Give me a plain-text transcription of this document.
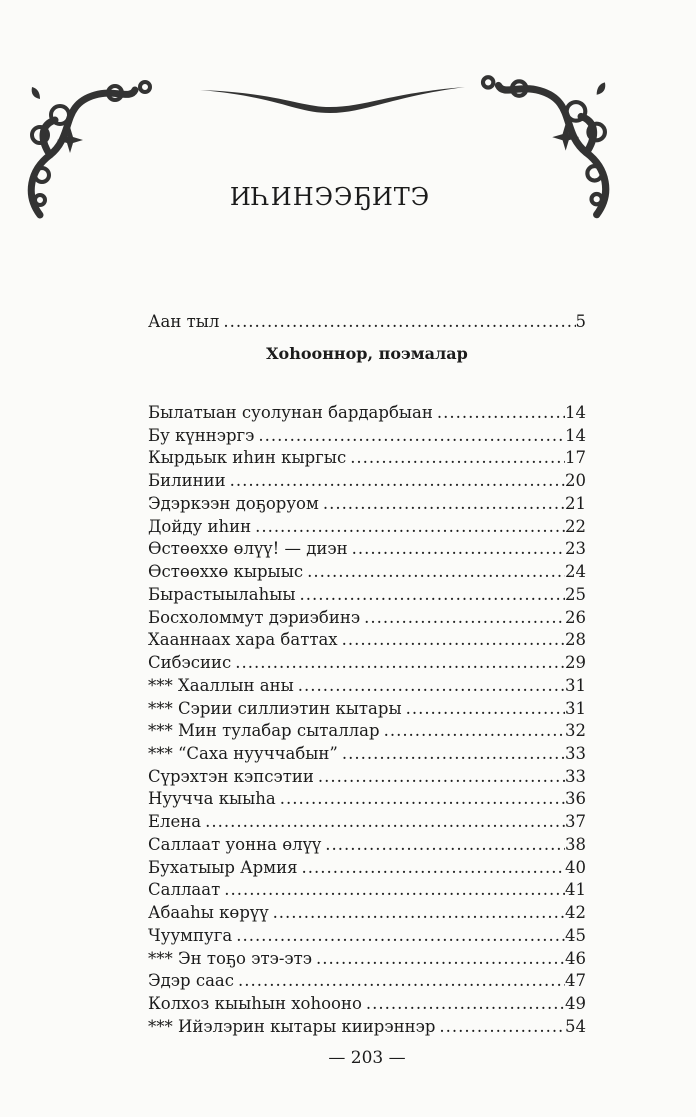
ИҺИНЭЭҔИТЭ
Аан тыл .....	5
Хоһооннор, поэмалар
Былатыан суолунан бардарбыан .....	14
Бу күннэргэ .....	14
Кырдьык иһин кыргыс .....	17
Билинии .....	20
Эдэркээн доҕоруом .....	21
Дойду иһин .....	22
Өстөөххө өлүү! — диэн .....	23
Өстөөххө кырыыс .....	24
Бырастыылаһыы .....	25
Босхоломмут дэриэбинэ .....	26
Хааннаах хара баттах .....	28
Сибэсиис .....	29
*** Хааллын аны .....	31
*** Сэрии силлиэтин кытары .....	31
*** Мин тулабар сыталлар .....	32
*** “Саха нууччабын” .....	33
Сүрэхтэн кэпсэтии .....	33
Нуучча кыыһа .....	36
Елена .....	37
Саллаат уонна өлүү .....	38
Бухатыыр Армия .....	40
Саллаат .....	41
Абааһы көрүү .....	42
Чуумпуга .....	45
*** Эн тоҕо этэ-этэ .....	46
Эдэр саас .....	47
Колхоз кыыһын хоһооно .....	49
*** Ийэлэрин кытары киирэннэр .....	54
— 203 —
